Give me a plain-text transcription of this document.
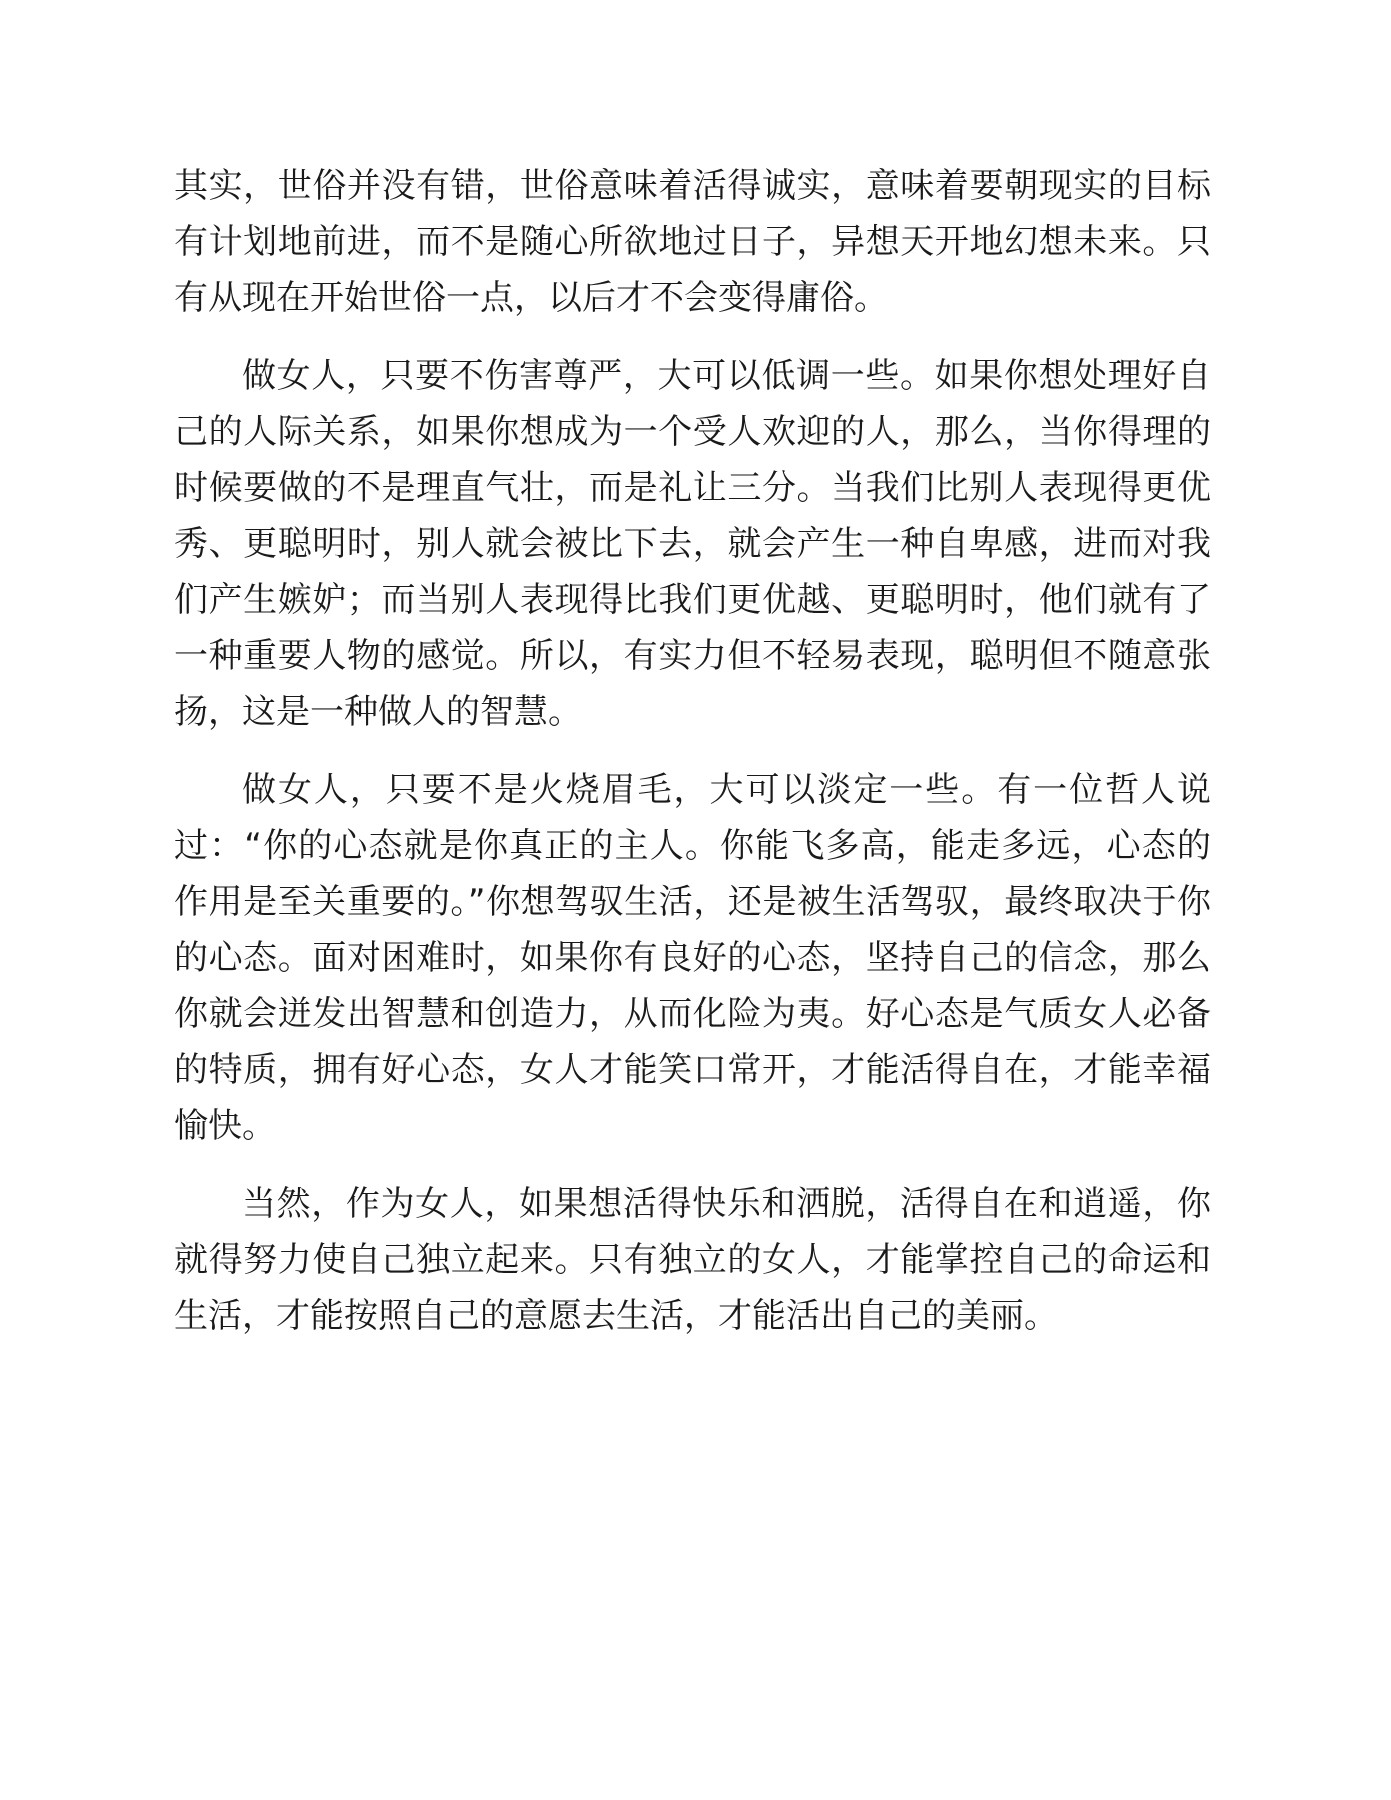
其实，世俗并没有错，世俗意味着活得诚实，意味着要朝现实的目标有计划地前进，而不是随心所欲地过日子，异想天开地幻想未来。只有从现在开始世俗一点，以后才不会变得庸俗。

做女人，只要不伤害尊严，大可以低调一些。如果你想处理好自己的人际关系，如果你想成为一个受人欢迎的人，那么，当你得理的时候要做的不是理直气壮，而是礼让三分。当我们比别人表现得更优秀、更聪明时，别人就会被比下去，就会产生一种自卑感，进而对我们产生嫉妒；而当别人表现得比我们更优越、更聪明时，他们就有了一种重要人物的感觉。所以，有实力但不轻易表现，聪明但不随意张扬，这是一种做人的智慧。

做女人，只要不是火烧眉毛，大可以淡定一些。有一位哲人说过：“你的心态就是你真正的主人。你能飞多高，能走多远，心态的作用是至关重要的。”你想驾驭生活，还是被生活驾驭，最终取决于你的心态。面对困难时，如果你有良好的心态，坚持自己的信念，那么你就会迸发出智慧和创造力，从而化险为夷。好心态是气质女人必备的特质，拥有好心态，女人才能笑口常开，才能活得自在，才能幸福愉快。

当然，作为女人，如果想活得快乐和洒脱，活得自在和逍遥，你就得努力使自己独立起来。只有独立的女人，才能掌控自己的命运和生活，才能按照自己的意愿去生活，才能活出自己的美丽。
